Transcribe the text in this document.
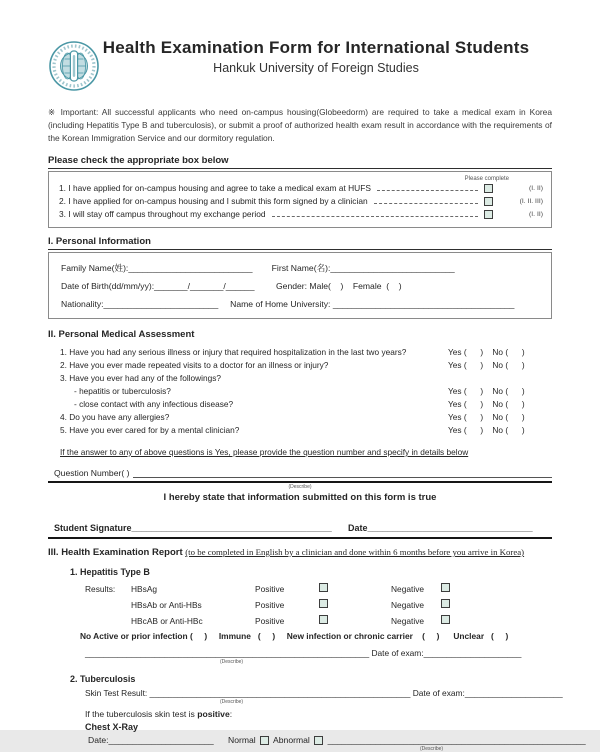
Health Examination Form for International Students
Hankuk University of Foreign Studies
※ Important: All successful applicants who need on-campus housing(Globeedorm) are required to take a medical exam in Korea (including Hepatitis Type B and tuberculosis), or submit a proof of authorized health exam result in accordance with the requirements of the Korean Immigration Service and our dormitory regulation.
Please check the appropriate box below
Please complete
1. I have applied for on-campus housing and agree to take a medical exam at HUFS	(I. II)
2. I have applied for on-campus housing and I submit this form signed by a clinician	(I. II. III)
3. I will stay off campus throughout my exchange period	(I. II)
I. Personal Information
Family Name(姓):__________________________        First Name(名):__________________________
Date of Birth(dd/mm/yy):_______/_______/______         Gender: Male(    )    Female  (    )
Nationality:________________________     Name of Home University: ______________________________________
II. Personal Medical Assessment
1. Have you had any serious illness or injury that required hospitalization in the last two years?	Yes (      )    No (      )
2. Have you ever made repeated visits to a doctor for an illness or injury?	Yes (      )    No (      )
3. Have you ever had any of the followings?
- hepatitis or tuberculosis?	Yes (      )    No (      )
- close contact with any infectious disease?	Yes (      )    No (      )
4. Do you have any allergies?	Yes (      )    No (      )
5. Have you ever cared for by a mental clinician?	Yes (      )    No (      )
If the answer to any of above questions is Yes, please provide the question number and specify in details below
Question Number( )
(Describe)
I hereby state that information submitted on this form is true
Student Signature________________________________________	Date_________________________________
III. Health Examination Report (to be completed in English by a clinician and done within 6 months before you arrive in Korea)
1. Hepatitis Type B
Results:	HBsAg	Positive	Negative
HBsAb or Anti-HBs	Positive	Negative
HBcAB or Anti-HBc	Positive	Negative
No Active or prior infection (     )     Immune   (     )     New infection or chronic carrier    (     )      Unclear   (     )
_____________________________________________________________ Date of exam: _____________________
(Describe)
2. Tuberculosis
Skin Test Result: ________________________________________________________ Date of exam: _____________________
(Describe)
If the tuberculosis skin test is positive:
Chest X-Ray
Date:______________________ Normal Abnormal ______________________________________________________
(Describe)
